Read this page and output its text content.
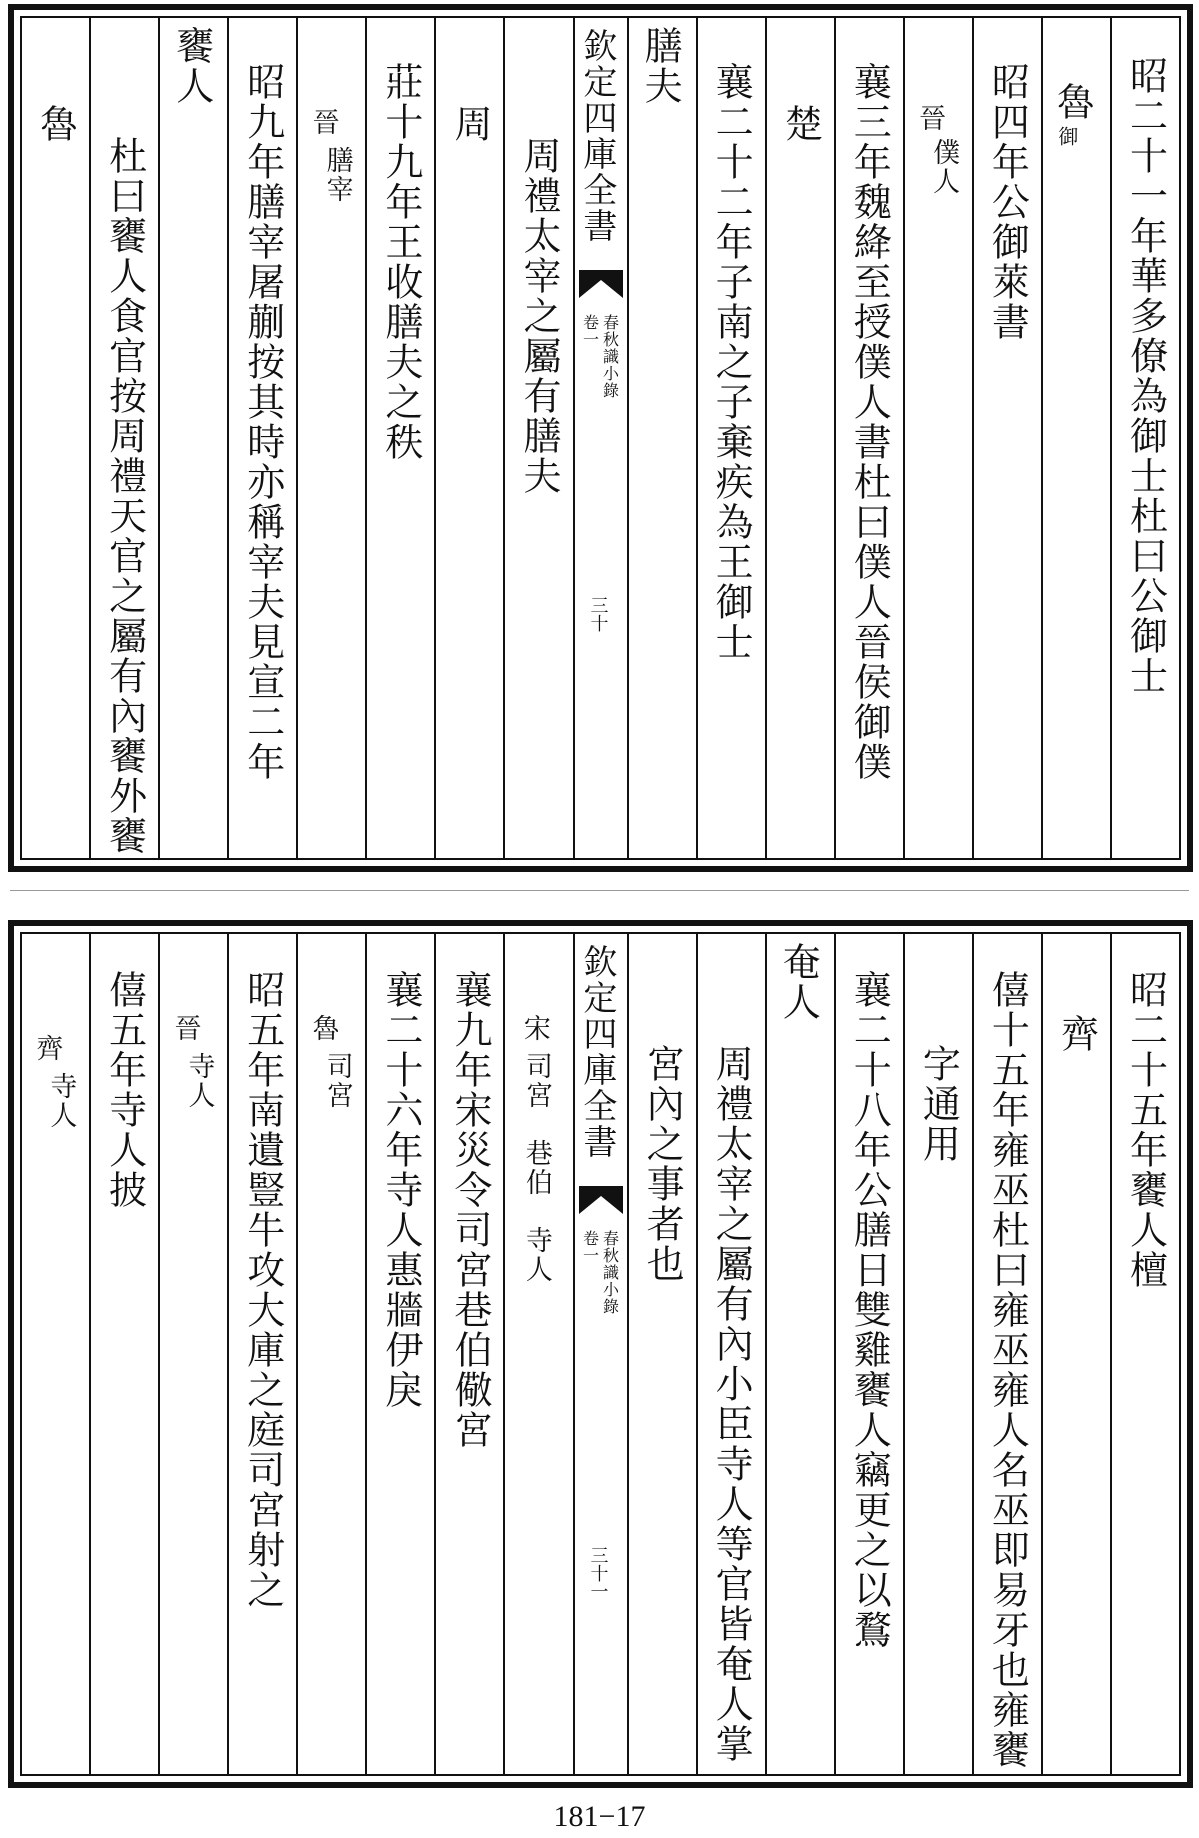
昭二十一年華多僚為御士杜曰公御士
魯
御
昭四年公御萊書
晉
僕人
襄三年魏絳至授僕人書杜曰僕人晉侯御僕
楚
襄二十二年子南之子棄疾為王御士
膳夫
欽定四庫全書
春秋識小錄
卷一
三十
周禮太宰之屬有膳夫
周
莊十九年王收膳夫之秩
晉
膳宰
昭九年膳宰屠蒯按其時亦稱宰夫見宣二年
饔人
杜曰饔人食官按周禮天官之屬有內饔外饔
魯
昭二十五年饔人檀
齊
僖十五年雍巫杜曰雍巫雍人名巫即易牙也雍饔
字通用
襄二十八年公膳日雙雞饔人竊更之以鶩
奄人
周禮太宰之屬有內小臣寺人等官皆奄人掌
宮內之事者也
欽定四庫全書
春秋識小錄
卷一
三十一
宋
司宮　巷伯　寺人
襄九年宋災令司宮巷伯儆宮
襄二十六年寺人惠牆伊戾
魯
司宮
昭五年南遺豎牛攻大庫之庭司宮射之
晉
寺人
僖五年寺人披
齊
寺人
181−17
